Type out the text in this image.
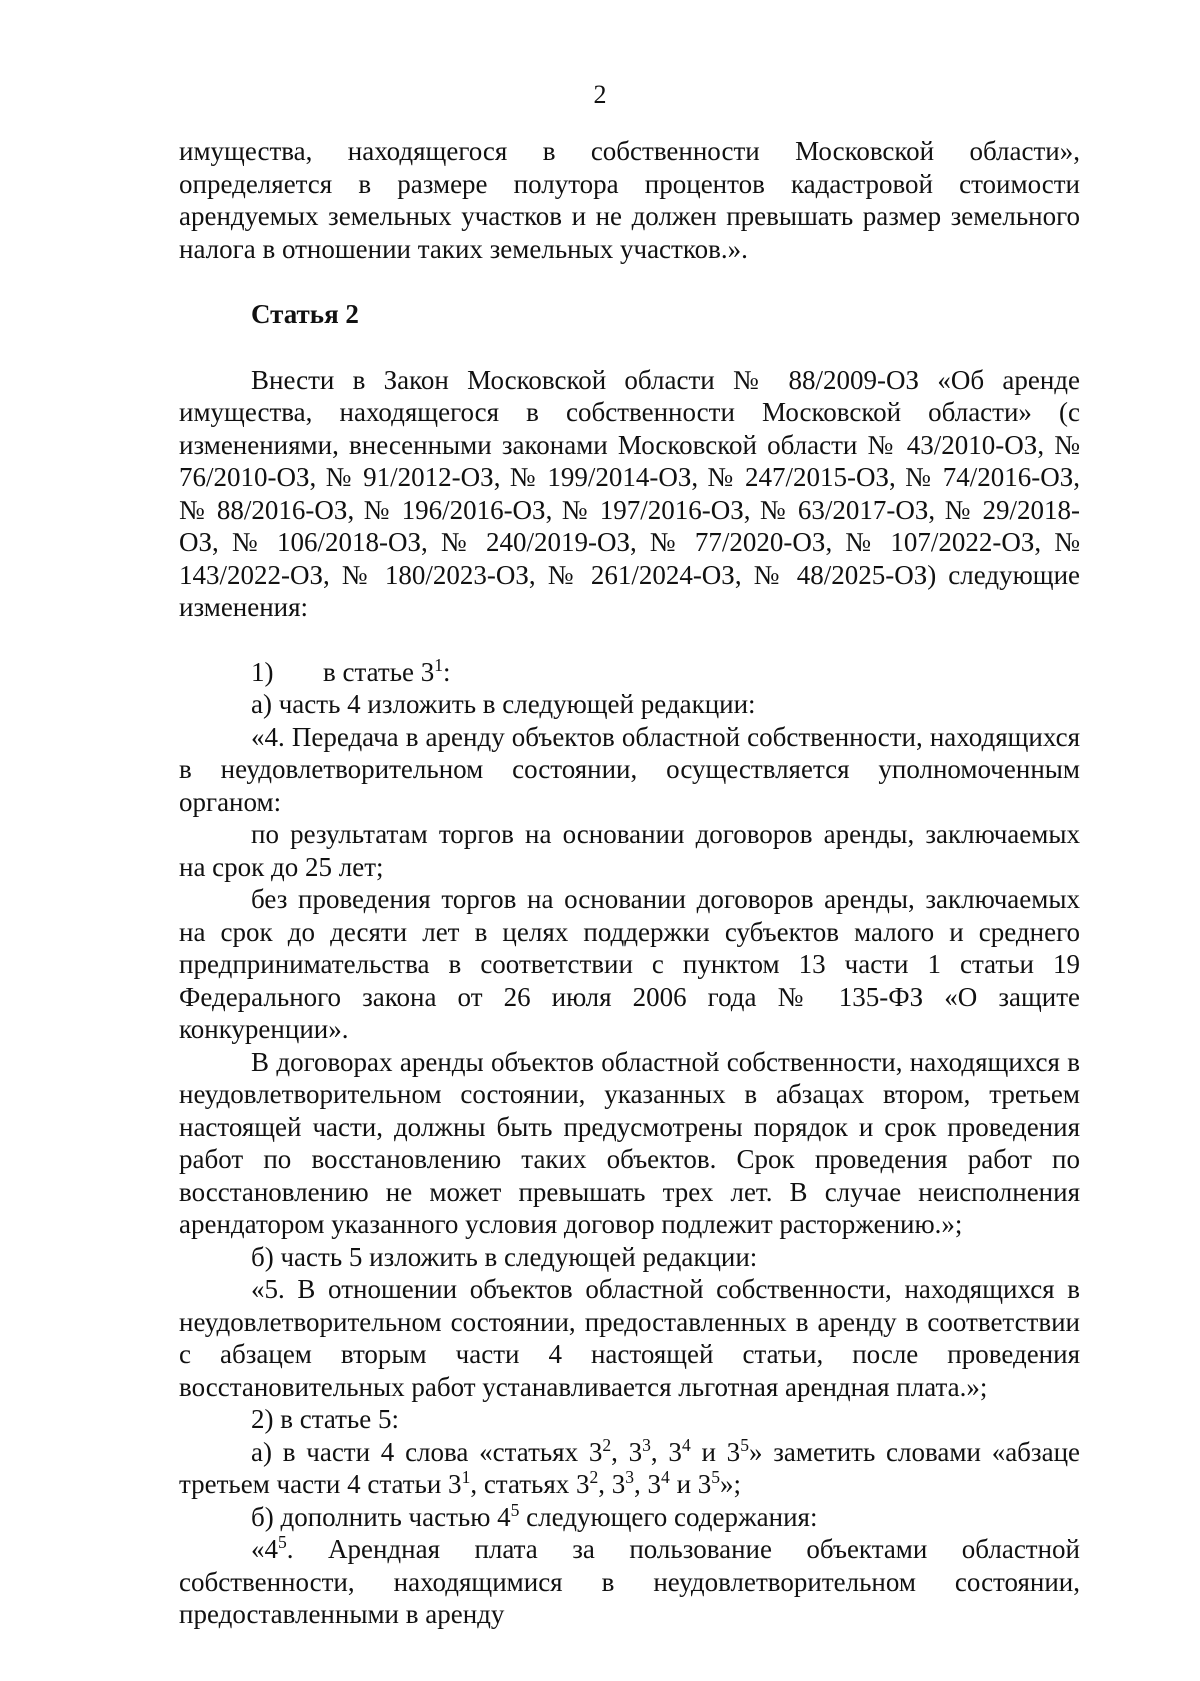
2

имущества, находящегося в собственности Московской области», определяется в размере полутора процентов кадастровой стоимости арендуемых земельных участков и не должен превышать размер земельного налога в отношении таких земельных участков.».

Статья 2

Внести в Закон Московской области № 88/2009-ОЗ «Об аренде имущества, находящегося в собственности Московской области» (с изменениями, внесенными законами Московской области № 43/2010-ОЗ, № 76/2010-ОЗ, № 91/2012-ОЗ, № 199/2014-ОЗ, № 247/2015-ОЗ, № 74/2016-ОЗ, № 88/2016-ОЗ, № 196/2016-ОЗ, № 197/2016-ОЗ, № 63/2017-ОЗ, № 29/2018-ОЗ, № 106/2018-ОЗ, № 240/2019-ОЗ, № 77/2020-ОЗ, № 107/2022-ОЗ, № 143/2022-ОЗ, № 180/2023-ОЗ, № 261/2024-ОЗ, № 48/2025-ОЗ) следующие изменения:

1) в статье $3^1$:

а) часть 4 изложить в следующей редакции:

«4. Передача в аренду объектов областной собственности, находящихся в неудовлетворительном состоянии, осуществляется уполномоченным органом:

по результатам торгов на основании договоров аренды, заключаемых на срок до 25 лет;

без проведения торгов на основании договоров аренды, заключаемых на срок до десяти лет в целях поддержки субъектов малого и среднего предпринимательства в соответствии с пунктом 13 части 1 статьи 19 Федерального закона от 26 июля 2006 года № 135-ФЗ «О защите конкуренции».

В договорах аренды объектов областной собственности, находящихся в неудовлетворительном состоянии, указанных в абзацах втором, третьем настоящей части, должны быть предусмотрены порядок и срок проведения работ по восстановлению таких объектов. Срок проведения работ по восстановлению не может превышать трех лет. В случае неисполнения арендатором указанного условия договор подлежит расторжению.»;

б) часть 5 изложить в следующей редакции:

«5. В отношении объектов областной собственности, находящихся в неудовлетворительном состоянии, предоставленных в аренду в соответствии с абзацем вторым части 4 настоящей статьи, после проведения восстановительных работ устанавливается льготная арендная плата.»;

2) в статье 5:

а) в части 4 слова «статьях $3^2$, $3^3$, $3^4$ и $3^5$» заметить словами «абзаце третьем части 4 статьи $3^1$, статьях $3^2$, $3^3$, $3^4$ и $3^5$»;

б) дополнить частью $4^5$ следующего содержания:

«$4^5$. Арендная плата за пользование объектами областной собственности, находящимися в неудовлетворительном состоянии, предоставленными в аренду
